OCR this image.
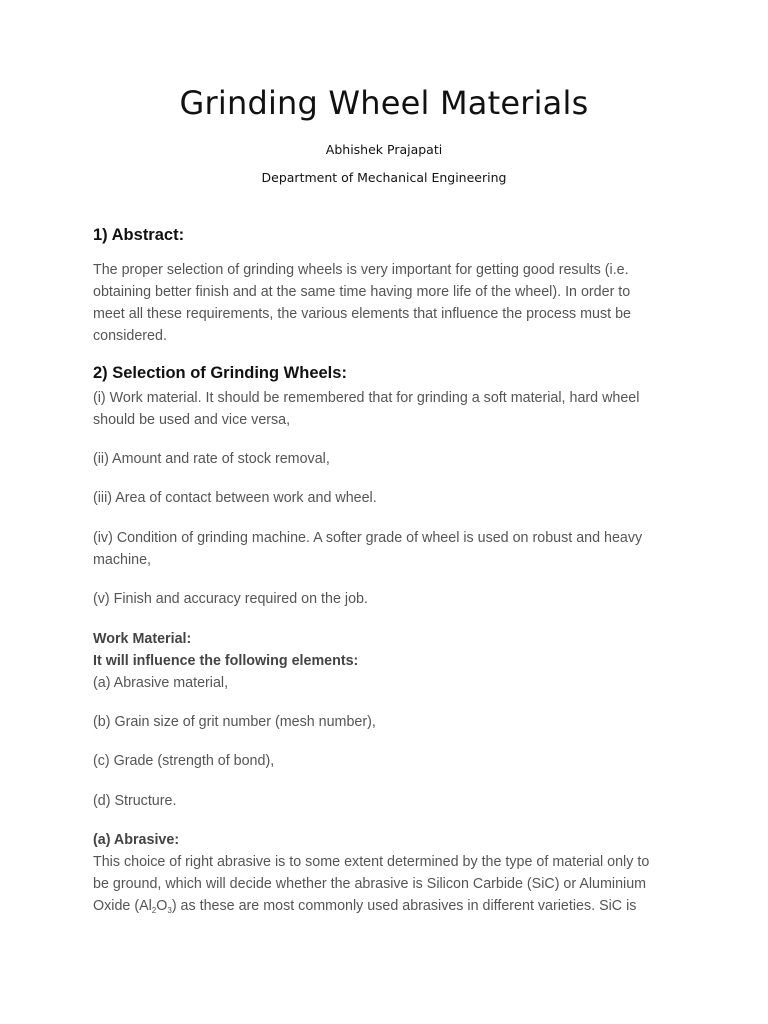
Grinding Wheel Materials
Abhishek Prajapati
Department of Mechanical Engineering
1) Abstract:
The proper selection of grinding wheels is very important for getting good results (i.e.
obtaining better finish and at the same time having more life of the wheel). In order to
meet all these requirements, the various elements that influence the process must be
considered.
2) Selection of Grinding Wheels:
(i) Work material. It should be remembered that for grinding a soft material, hard wheel
should be used and vice versa,
(ii) Amount and rate of stock removal,
(iii) Area of contact between work and wheel.
(iv) Condition of grinding machine. A softer grade of wheel is used on robust and heavy
machine,
(v) Finish and accuracy required on the job.
Work Material:
It will influence the following elements:
(a) Abrasive material,
(b) Grain size of grit number (mesh number),
(c) Grade (strength of bond),
(d) Structure.
(a) Abrasive:
This choice of right abrasive is to some extent determined by the type of material only to
be ground, which will decide whether the abrasive is Silicon Carbide (SiC) or Aluminium
Oxide $(Al_2O_3)$ as these are most commonly used abrasives in different varieties. SiC is
